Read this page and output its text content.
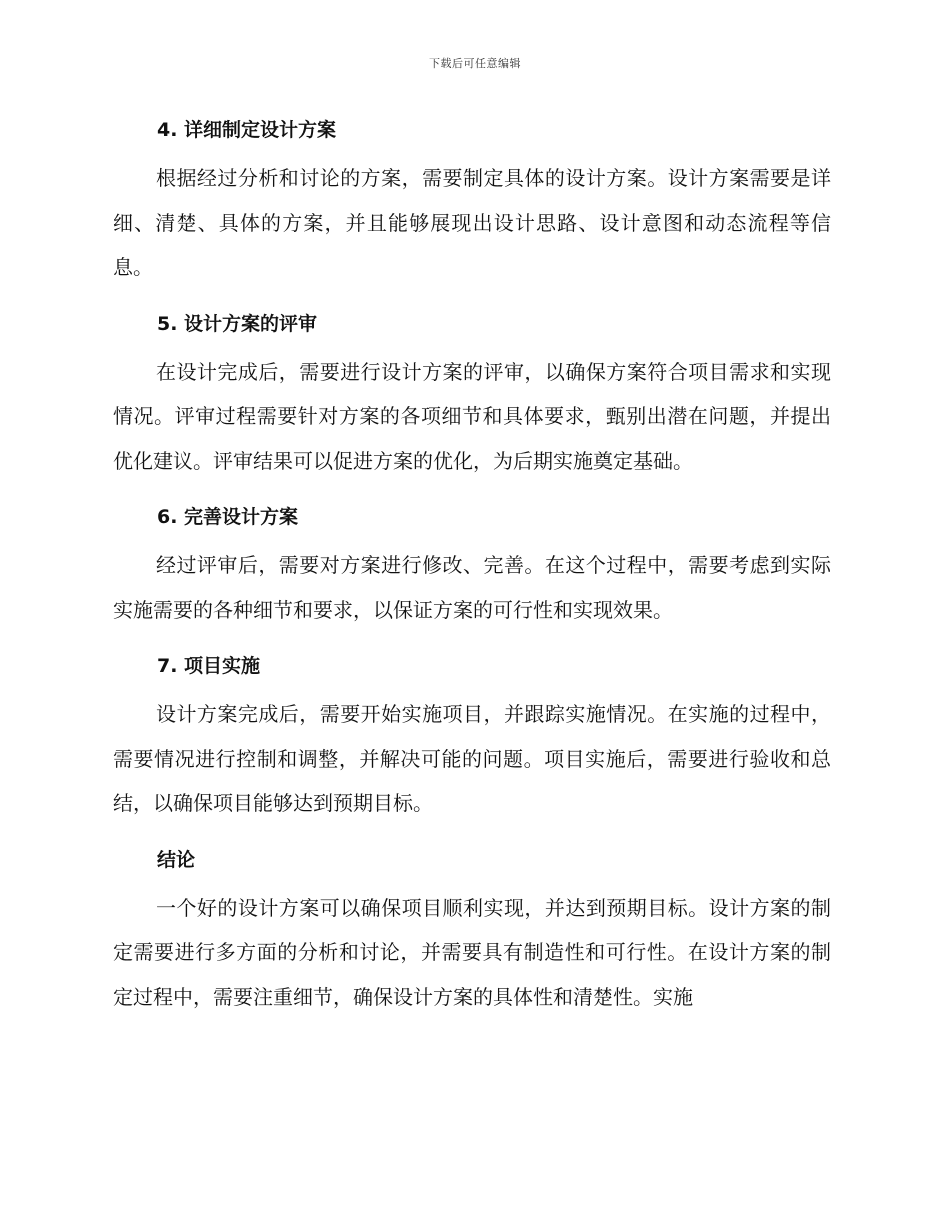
下载后可任意编辑
4. 详细制定设计方案

根据经过分析和讨论的方案，需要制定具体的设计方案。设计方案需要是详细、清楚、具体的方案，并且能够展现出设计思路、设计意图和动态流程等信息。

5. 设计方案的评审

在设计完成后，需要进行设计方案的评审，以确保方案符合项目需求和实现情况。评审过程需要针对方案的各项细节和具体要求，甄别出潜在问题，并提出优化建议。评审结果可以促进方案的优化，为后期实施奠定基础。

6. 完善设计方案

经过评审后，需要对方案进行修改、完善。在这个过程中，需要考虑到实际实施需要的各种细节和要求，以保证方案的可行性和实现效果。

7. 项目实施

设计方案完成后，需要开始实施项目，并跟踪实施情况。在实施的过程中，需要情况进行控制和调整，并解决可能的问题。项目实施后，需要进行验收和总结，以确保项目能够达到预期目标。

结论

一个好的设计方案可以确保项目顺利实现，并达到预期目标。设计方案的制定需要进行多方面的分析和讨论，并需要具有制造性和可行性。在设计方案的制定过程中，需要注重细节，确保设计方案的具体性和清楚性。实施
